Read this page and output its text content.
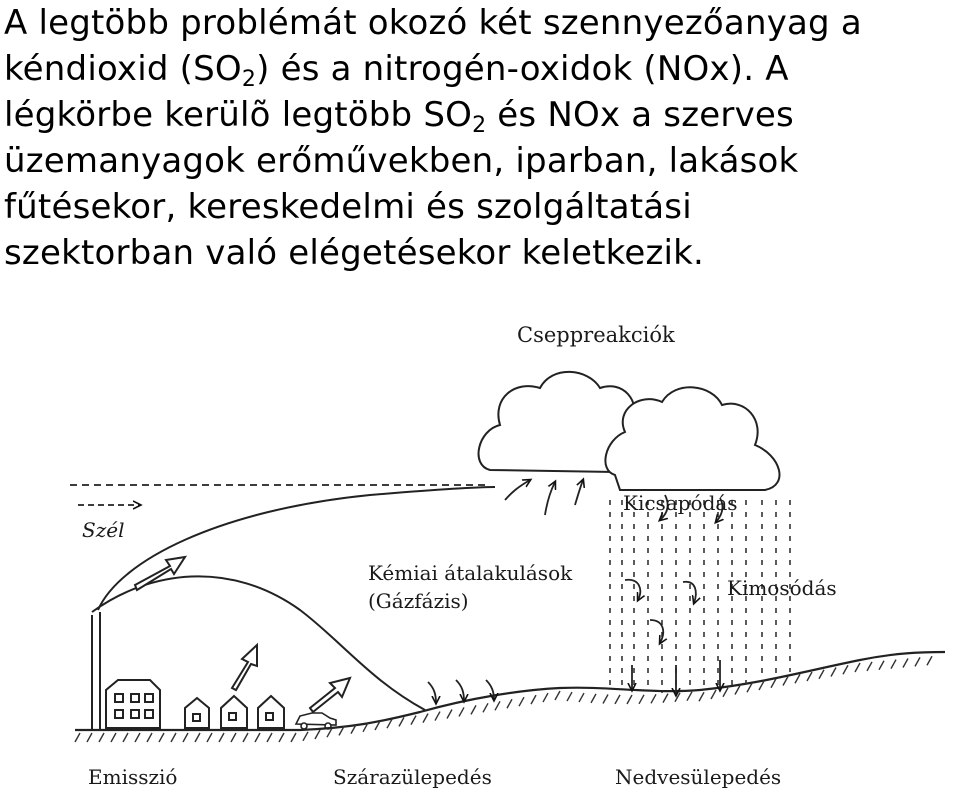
A legtöbb problémát okozó két szennyezőanyag a
kéndioxid $(SO_2)$ és a nitrogén-oxidok (NOx). A
légkörbe kerülõ legtöbb $SO_2$ és NOx a szerves
üzemanyagok erőművekben, iparban, lakások
fűtésekor, kereskedelmi és szolgáltatási
szektorban való elégetésekor keletkezik.
Cseppreakciók
Szél
Kémiai átalakulások
(Gázfázis)
Kicsapódás
Kimosódás
Emisszió	Szárazülepedés	Nedvesülepedés
